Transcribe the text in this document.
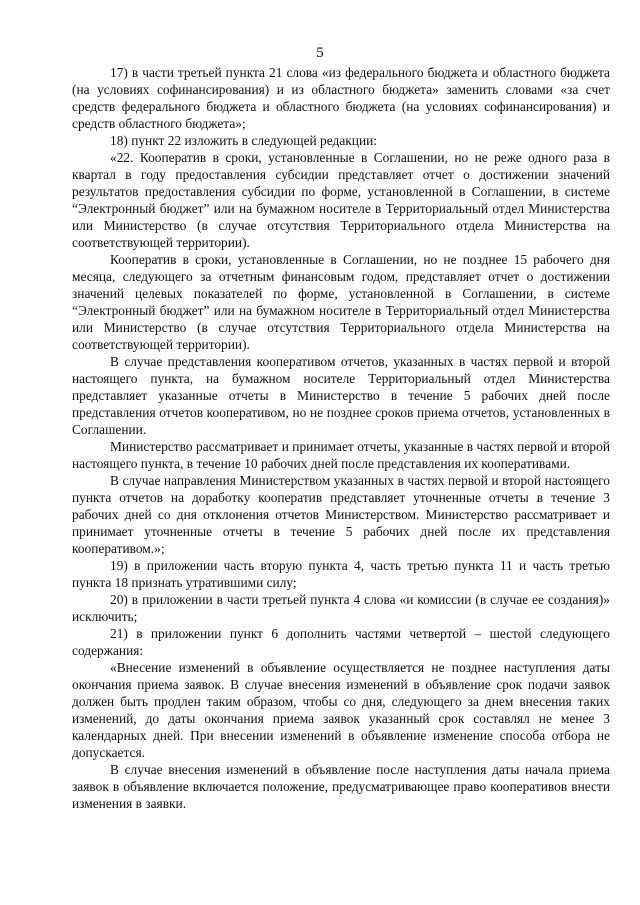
5

17) в части третьей пункта 21 слова «из федерального бюджета и областного бюджета (на условиях софинансирования) и из областного бюджета» заменить словами «за счет средств федерального бюджета и областного бюджета (на условиях софинансирования) и средств областного бюджета»;

18) пункт 22 изложить в следующей редакции:

«22. Кооператив в сроки, установленные в Соглашении, но не реже одного раза в квартал в году предоставления субсидии представляет отчет о достижении значений результатов предоставления субсидии по форме, установленной в Соглашении, в системе “Электронный бюджет” или на бумажном носителе в Территориальный отдел Министерства или Министерство (в случае отсутствия Территориального отдела Министерства на соответствующей территории).

Кооператив в сроки, установленные в Соглашении, но не позднее 15 рабочего дня месяца, следующего за отчетным финансовым годом, представляет отчет о достижении значений целевых показателей по форме, установленной в Соглашении, в системе “Электронный бюджет” или на бумажном носителе в Территориальный отдел Министерства или Министерство (в случае отсутствия Территориального отдела Министерства на соответствующей территории).

В случае представления кооперативом отчетов, указанных в частях первой и второй настоящего пункта, на бумажном носителе Территориальный отдел Министерства представляет указанные отчеты в Министерство в течение 5 рабочих дней после представления отчетов кооперативом, но не позднее сроков приема отчетов, установленных в Соглашении.

Министерство рассматривает и принимает отчеты, указанные в частях первой и второй настоящего пункта, в течение 10 рабочих дней после представления их кооперативами.

В случае направления Министерством указанных в частях первой и второй настоящего пункта отчетов на доработку кооператив представляет уточненные отчеты в течение 3 рабочих дней со дня отклонения отчетов Министерством. Министерство рассматривает и принимает уточненные отчеты в течение 5 рабочих дней после их представления кооперативом.»;

19) в приложении часть вторую пункта 4, часть третью пункта 11 и часть третью пункта 18 признать утратившими силу;

20) в приложении в части третьей пункта 4 слова «и комиссии (в случае ее создания)» исключить;

21) в приложении пункт 6 дополнить частями четвертой – шестой следующего содержания:

«Внесение изменений в объявление осуществляется не позднее наступления даты окончания приема заявок. В случае внесения изменений в объявление срок подачи заявок должен быть продлен таким образом, чтобы со дня, следующего за днем внесения таких изменений, до даты окончания приема заявок указанный срок составлял не менее 3 календарных дней. При внесении изменений в объявление изменение способа отбора не допускается.

В случае внесения изменений в объявление после наступления даты начала приема заявок в объявление включается положение, предусматривающее право кооперативов внести изменения в заявки.
